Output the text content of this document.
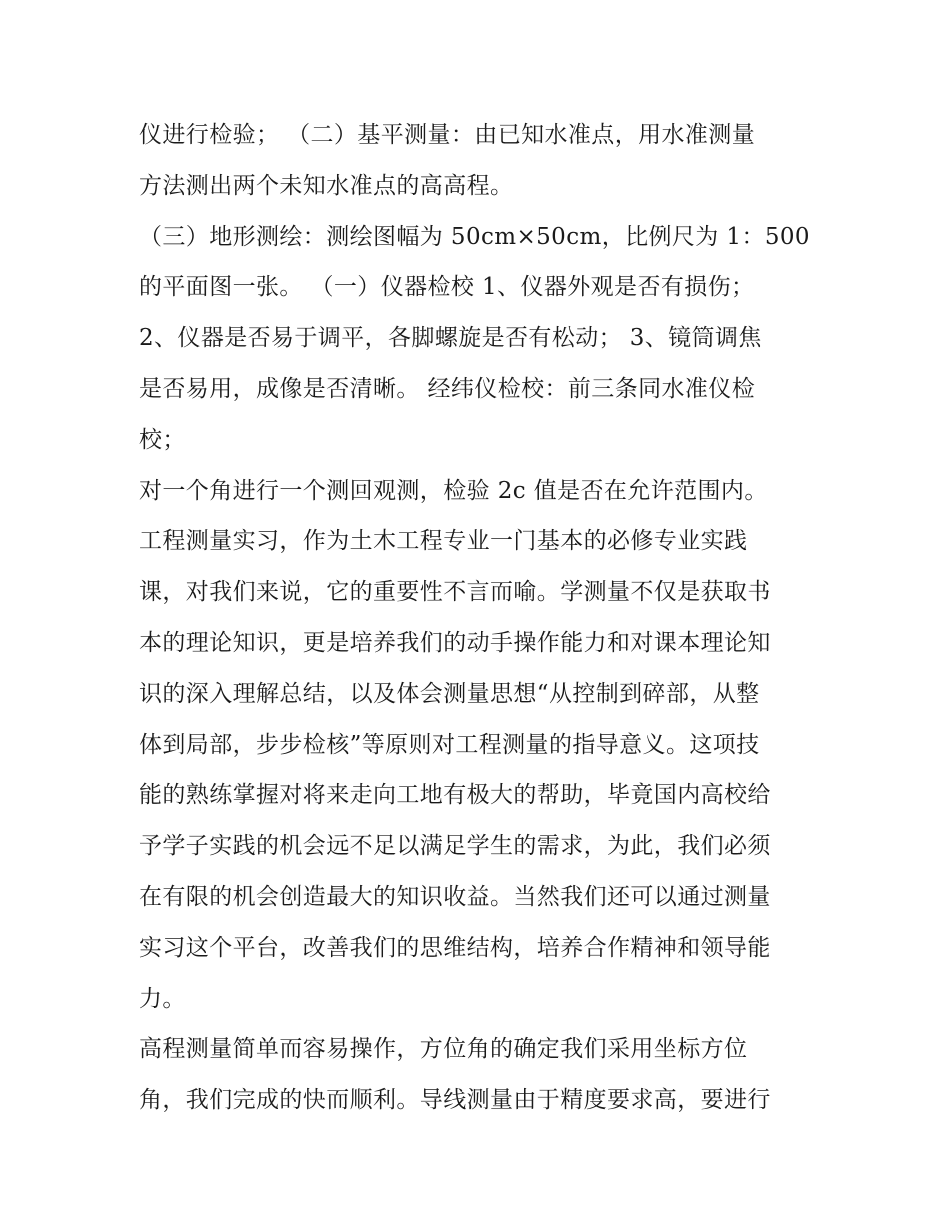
仪进行检验； （二）基平测量：由已知水准点，用水准测量
方法测出两个未知水准点的高高程。
（三）地形测绘：测绘图幅为 50cm×50cm，比例尺为 1：500
的平面图一张。 （一）仪器检校 1、仪器外观是否有损伤；
2、仪器是否易于调平，各脚螺旋是否有松动； 3、镜筒调焦
是否易用，成像是否清晰。 经纬仪检校：前三条同水准仪检
校；
对一个角进行一个测回观测，检验 2c 值是否在允许范围内。
工程测量实习，作为土木工程专业一门基本的必修专业实践
课，对我们来说，它的重要性不言而喻。学测量不仅是获取书
本的理论知识，更是培养我们的动手操作能力和对课本理论知
识的深入理解总结，以及体会测量思想“从控制到碎部，从整
体到局部，步步检核”等原则对工程测量的指导意义。这项技
能的熟练掌握对将来走向工地有极大的帮助，毕竟国内高校给
予学子实践的机会远不足以满足学生的需求，为此，我们必须
在有限的机会创造最大的知识收益。当然我们还可以通过测量
实习这个平台，改善我们的思维结构，培养合作精神和领导能
力。
高程测量简单而容易操作，方位角的确定我们采用坐标方位
角，我们完成的快而顺利。导线测量由于精度要求高，要进行
